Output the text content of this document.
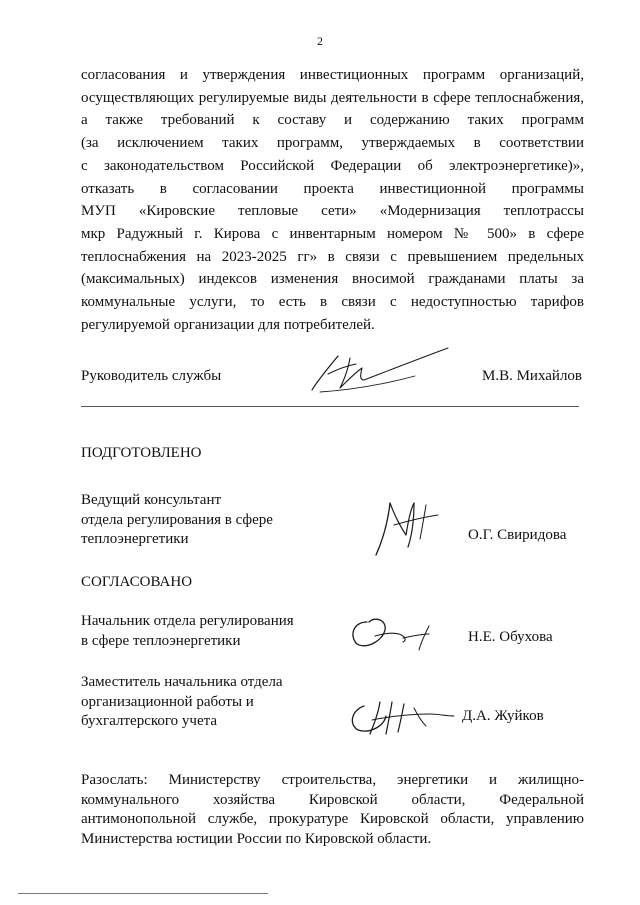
2
согласования и утверждения инвестиционных программ организаций,
осуществляющих регулируемые виды деятельности в сфере теплоснабжения,
а также требований к составу и содержанию таких программ
(за исключением таких программ, утверждаемых в соответствии
с законодательством Российской Федерации об электроэнергетике)»,
отказать в согласовании проекта инвестиционной программы
МУП «Кировские тепловые сети» «Модернизация теплотрассы
мкр Радужный г. Кирова с инвентарным номером № 500» в сфере
теплоснабжения на 2023-2025 гг» в связи с превышением предельных
(максимальных) индексов изменения вносимой гражданами платы за
коммунальные услуги, то есть в связи с недоступностью тарифов
регулируемой организации для потребителей.
Руководитель службы	М.В. Михайлов
ПОДГОТОВЛЕНО
Ведущий консультант
отдела регулирования в сфере
теплоэнергетики	О.Г. Свиридова
СОГЛАСОВАНО
Начальник отдела регулирования
в сфере теплоэнергетики	Н.Е. Обухова
Заместитель начальника отдела
организационной работы и
бухгалтерского учета	Д.А. Жуйков
Разослать: Министерству строительства, энергетики и жилищно-
коммунального хозяйства Кировской области, Федеральной
антимонопольной службе, прокуратуре Кировской области, управлению
Министерства юстиции России по Кировской области.
